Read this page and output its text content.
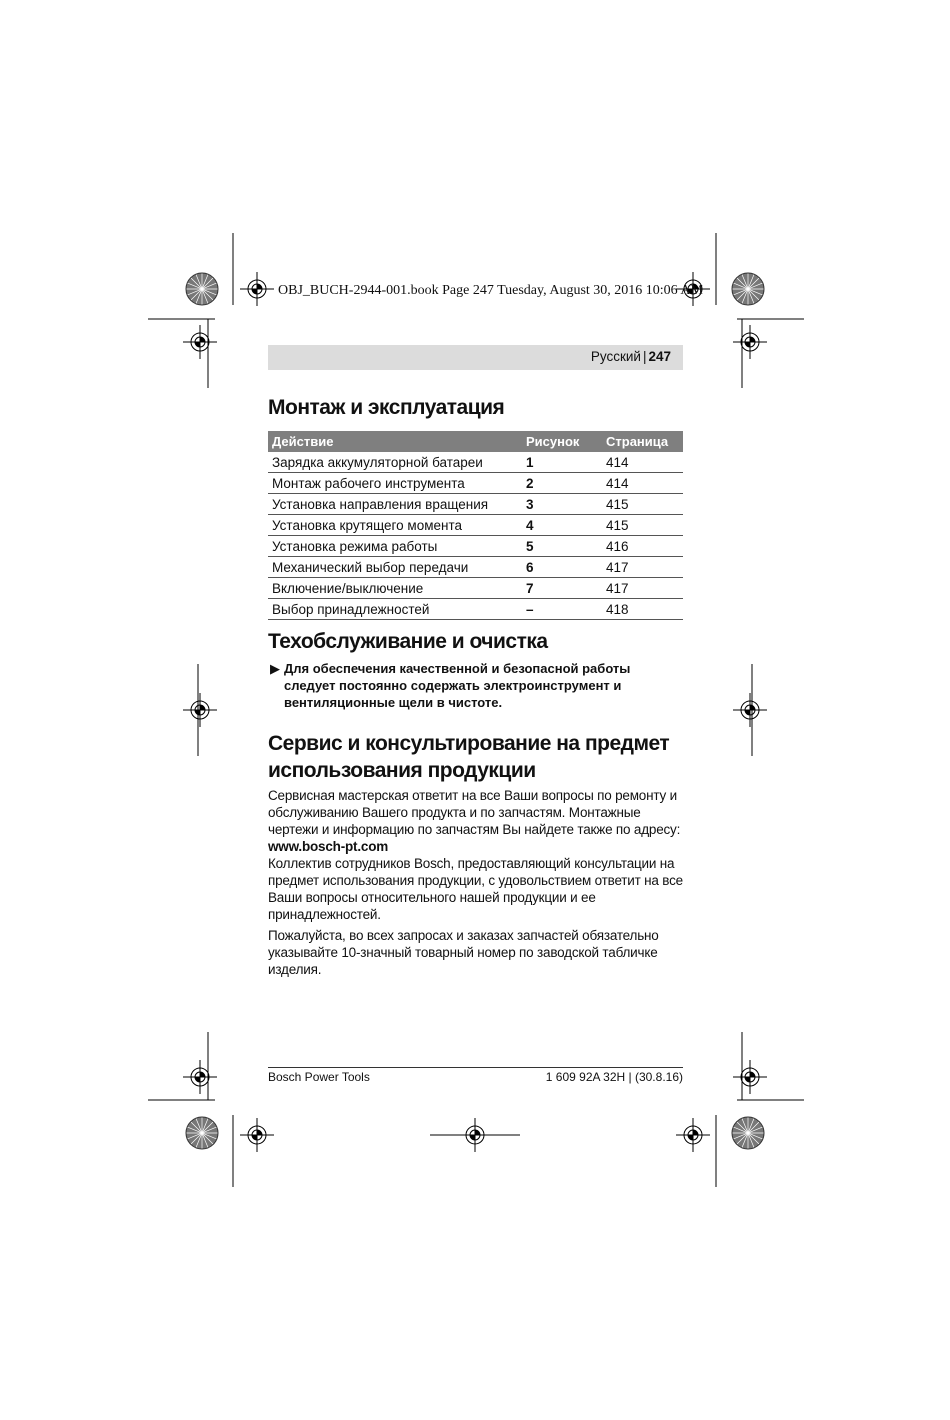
OBJ_BUCH-2944-001.book Page 247 Tuesday, August 30, 2016 10:06 AM
Русский | 247
Монтаж и эксплуатация
Действие	Рисунок	Страница
Зарядка аккумуляторной батареи	1	414
Монтаж рабочего инструмента	2	414
Установка направления вращения	3	415
Установка крутящего момента	4	415
Установка режима работы	5	416
Механический выбор передачи	6	417
Включение/выключение	7	417
Выбор принадлежностей	–	418
Техобслуживание и очистка
▶ Для обеспечения качественной и безопасной работы следует постоянно содержать электроинструмент и вентиляционные щели в чистоте.
Сервис и консультирование на предмет использования продукции

Сервисная мастерская ответит на все Ваши вопросы по ремонту и обслуживанию Вашего продукта и по запчастям. Монтажные чертежи и информацию по запчастям Вы найдете также по адресу:
www.bosch-pt.com
Коллектив сотрудников Bosch, предоставляющий консультации на предмет использования продукции, с удовольствием ответит на все Ваши вопросы относительного нашей продукции и ее принадлежностей.

Пожалуйста, во всех запросах и заказах запчастей обязательно указывайте 10-значный товарный номер по заводской табличке изделия.

Bosch Power Tools	1 609 92A 32H | (30.8.16)
